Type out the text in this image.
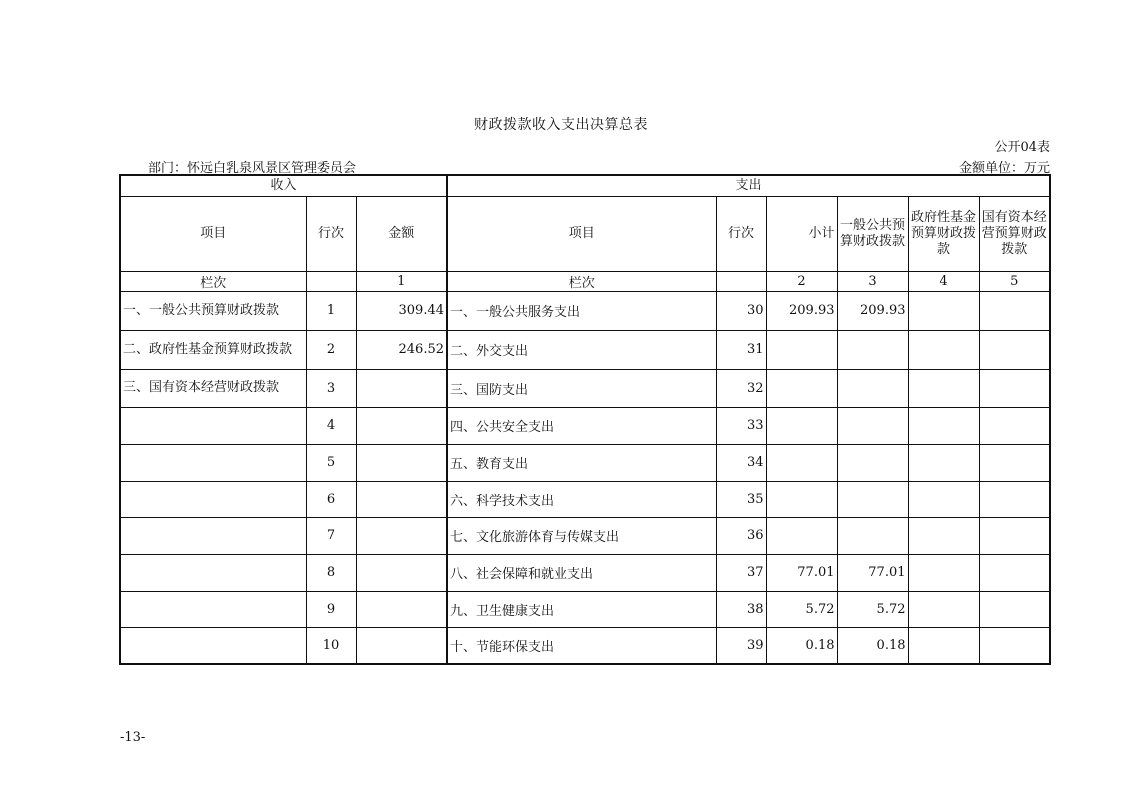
财政拨款收入支出决算总表
公开04表
部门：怀远白乳泉风景区管理委员会	金额单位：万元
收入			支出					
项目	行次	金额	项目	行次	小计	一般公共预算财政拨款	政府性基金预算财政拨款	国有资本经营预算财政拨款
栏次		1	栏次		2	3	4	5
一、一般公共预算财政拨款	1	309.44	一、一般公共服务支出	30	209.93	209.93		
二、政府性基金预算财政拨款	2	246.52	二、外交支出	31				
三、国有资本经营财政拨款	3		三、国防支出	32				
	4		四、公共安全支出	33				
	5		五、教育支出	34				
	6		六、科学技术支出	35				
	7		七、文化旅游体育与传媒支出	36				
	8		八、社会保障和就业支出	37	77.01	77.01		
	9		九、卫生健康支出	38	5.72	5.72		
	10		十、节能环保支出	39	0.18	0.18		
-13-
